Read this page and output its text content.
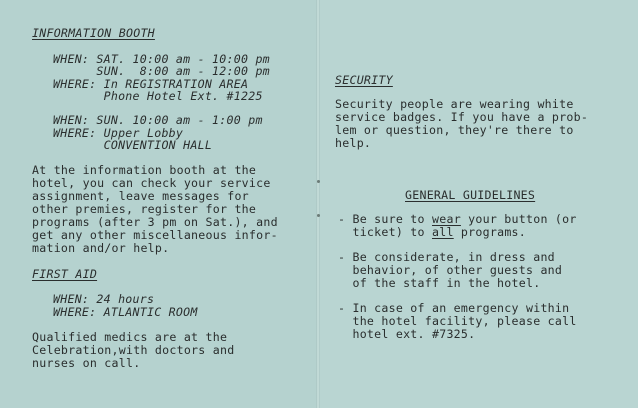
INFORMATION BOOTH
WHEN: SAT. 10:00 am - 10:00 pm
SUN.  8:00 am - 12:00 pm
WHERE: In REGISTRATION AREA
Phone Hotel Ext. #1225
WHEN: SUN. 10:00 am - 1:00 pm
WHERE: Upper Lobby
CONVENTION HALL
At the information booth at the
hotel, you can check your service
assignment, leave messages for
other premies, register for the
programs (after 3 pm on Sat.), and
get any other miscellaneous infor-
mation and/or help.
FIRST AID
WHEN: 24 hours
WHERE: ATLANTIC ROOM
Qualified medics are at the
Celebration,with doctors and
nurses on call.
SECURITY
Security people are wearing white
service badges. If you have a prob-
lem or question, they're there to
help.
GENERAL GUIDELINES
- Be sure to wear your button (or
ticket) to all programs.
- Be considerate, in dress and
behavior, of other guests and
of the staff in the hotel.
- In case of an emergency within
the hotel facility, please call
hotel ext. #7325.
